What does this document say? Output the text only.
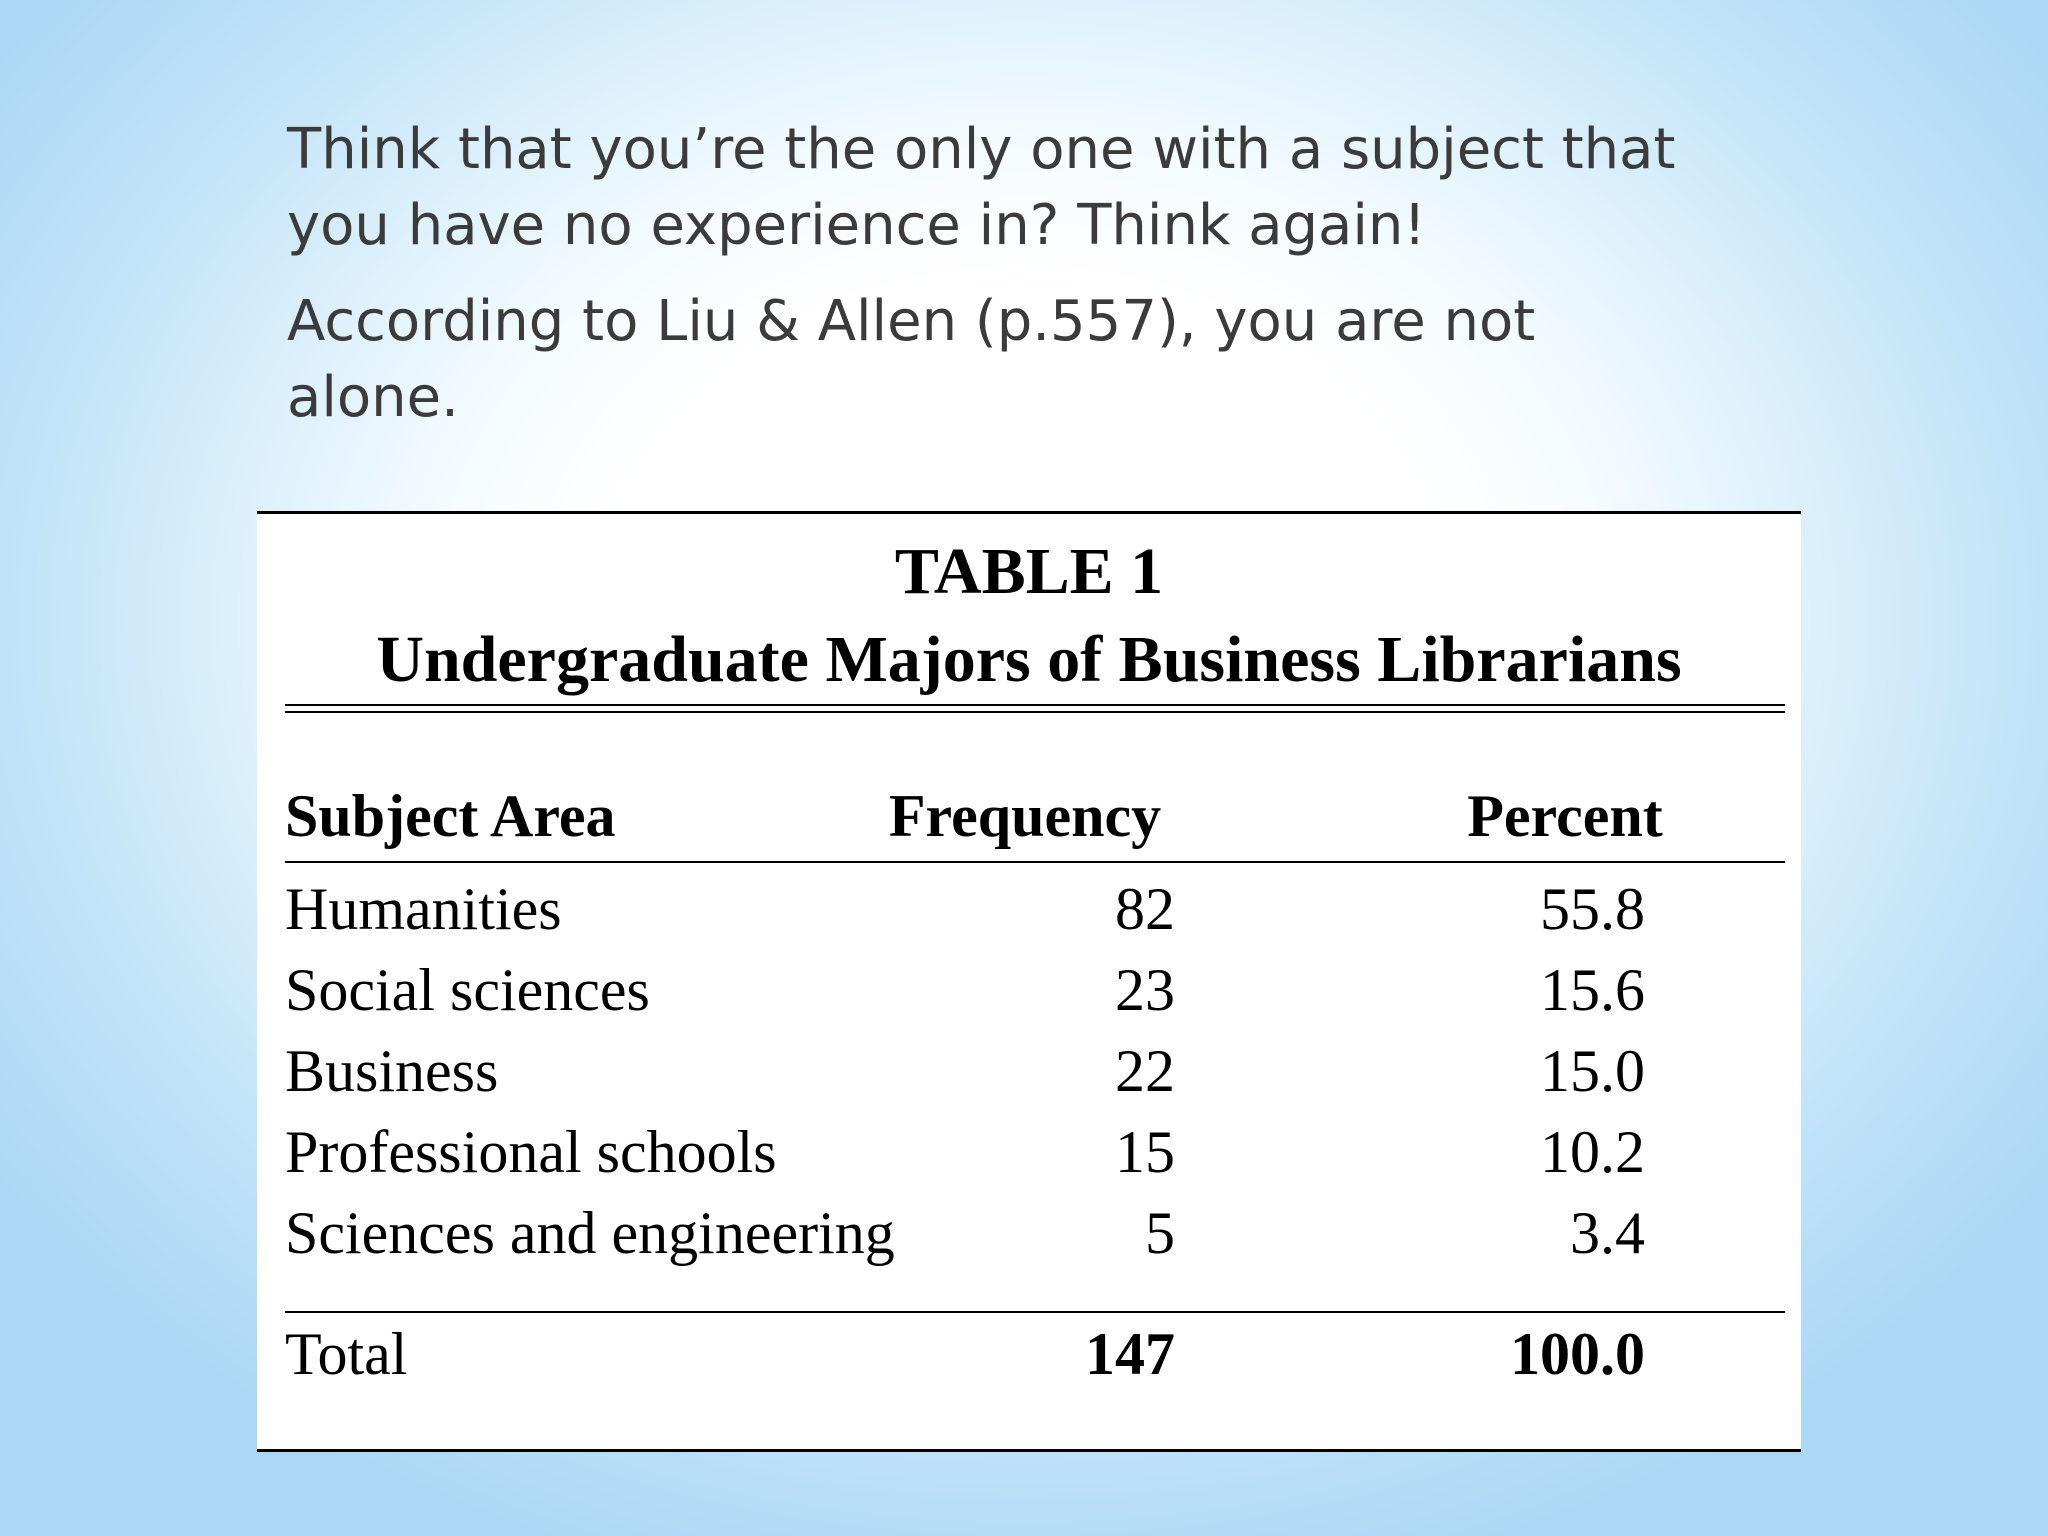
Think that you’re the only one with a subject that you have no experience in? Think again!

According to Liu & Allen (p.557), you are not alone.

TABLE 1
Undergraduate Majors of Business Librarians
Subject Area	Frequency	Percent
Humanities	82	55.8
Social sciences	23	15.6
Business	22	15.0
Professional schools	15	10.2
Sciences and engineering	5	3.4
Total	147	100.0
